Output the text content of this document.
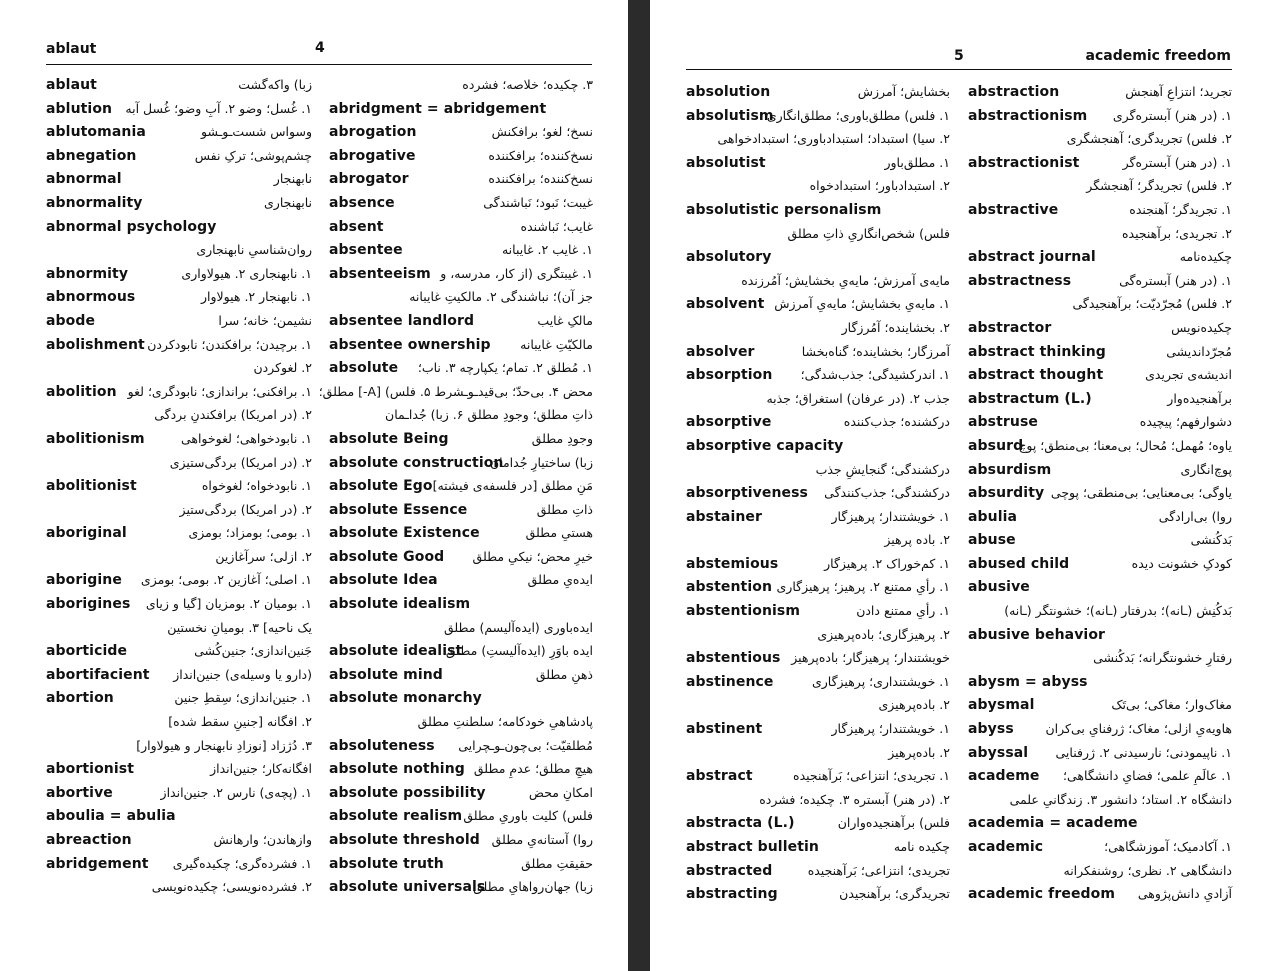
ablaut	4
ablaut	زبا) واکه‌گشت
ablution ۱. غُسل؛ وضو ۲. آبِ وضو؛ غُسل آبه
ablutomania	وسواس شست‌ـو‌ـشو
abnegation	چشم‌پوشی؛ ترکِ نفس
abnormal	نابهنجار
abnormality	نابهنجاری
abnormal psychology
روان‌شناسیِ نابهنجاری
abnormity	۱. نابهنجاری ۲. هیولاواری
abnormous	۱. نابهنجار ۲. هیولاوار
abode	نشیمن؛ خانه؛ سرا
abolishment ۱. برچیدن؛ برافکندن؛ نابودکردن
۲. لغوکردن
abolition ۱. برافکنی؛ براندازی؛ نابودگری؛ لغو
۲. (در امریکا) برافکندنِ بردگی
abolitionism	۱. نابودخواهی؛ لغوخواهی
۲. (در امریکا) بردگی‌ستیزی
abolitionist	۱. نابودخواه؛ لغوخواه
۲. (در امریکا) بردگی‌ستیز
aboriginal	۱. بومی؛ بومزاد؛ بومزی
۲. ازلی؛ سرآغازین
aborigine ۱. اصلی؛ آغازین ۲. بومی؛ بومزی
aborigines ۱. بومیان ۲. بومزیان [گیا و زیای
یک ناحیه] ۳. بومیانِ نخستین
aborticide	جَنین‌اندازی؛ جنین‌کُشی
abortifacient (دارو یا وسیله‌ی) جنین‌انداز
abortion	۱. جنین‌اندازی؛ سِقطِ جنین
۲. افگانه [جنینِ سقط شده]
۳. دُژزاد [نوزادِ نابهنجار و هیولاوار]
abortionist	افگانه‌کار؛ جنین‌انداز
abortive	۱. (پچه‌ی) نارس ۲. جنین‌انداز
aboulia = abulia
abreaction	وازهاندن؛ وارهانش
abridgement ۱. فشرده‌گری؛ چکیده‌گیری
۲. فشرده‌نویسی؛ چکیده‌نویسی
۳. چکیده؛ خلاصه؛ فشرده
abridgment = abridgement
abrogation	نسخ؛ لغو؛ برافکنش
abrogative	نسخ‌کننده؛ برافکننده
abrogator	نسخ‌کننده؛ برافکننده
absence	غیبت؛ نَبود؛ نَباشندگی
absent	غایب؛ نَباشنده
absentee	۱. غایب ۲. غایبانه
absenteeism ۱. غیبتگری (از کار، مدرسه، و
جز آن)؛ نباشندگی ۲. مالکیتِ غایبانه
absentee landlord	مالکِ غایب
absentee ownership مالکیّتِ غایبانه
absolute ۱. مُطلق ۲. تمام؛ یکپارچه ۳. ناب؛
محض ۴. بی‌حدّ؛ بی‌قید‌ـو‌ـشرط ۵. فلس) [A-] مطلق؛
ذاتِ مطلق؛ وجودِ مطلق ۶. زبا) جُدا‌ـمان
absolute Being	وجودِ مطلق
absolute construction
زبا) ساختیارِ جُدامان
absolute Ego مَنِ مطلق [در فلسفه‌ی فیشته]
absolute Essence	ذاتِ مطلق
absolute Existence	هستیِ مطلق
absolute Good خیرِ محض؛ نیکیِ مطلق
absolute Idea	ایده‌یِ مطلق
absolute idealism
ایده‌باوری (ایده‌آلیسم) مطلق
absolute idealist
ایده باوَرِ (ایده‌آلیستِ) مطلق
absolute mind	ذهنِ مطلق
absolute monarchy
پادشاهیِ خودکامه؛ سلطنتِ مطلق
absoluteness مُطلقیّت؛ بی‌چون‌ـو‌ـچرایی
absolute nothing هیچِ مطلق؛ عدمِ مطلق
absolute possibility	امکانِ محض
absolute realism فلس) کلیت باوریِ مطلق
absolute threshold روا) آستانه‌یِ مطلق
absolute truth	حقیقتِ مطلق
absolute universals
زبا) جهان‌رواهایِ مطلق
5	academic freedom
absolution	بخشایش؛ آمرزش
absolutism
۱. فلس) مطلق‌باوری؛ مطلق‌انگاری
۲. سیا) استبداد؛ استبدادباوری؛ استبدادخواهی
absolutist	۱. مطلق‌باور
۲. استبدادباور؛ استبدادخواه
absolutistic personalism
فلس) شخص‌انگاریِ ذاتِ مطلق
absolutory
مایه‌ی آمرزش؛ مایه‌یِ بخشایش؛ آمُرزنده
absolvent ۱. مایه‌یِ بخشایش؛ مایه‌یِ آمرزش
۲. بخشاینده؛ آمُرزگار
absolver	آمرزگار؛ بخشاینده؛ گناه‌بخشا
absorption ۱. اندرکشیدگی؛ جذب‌شدگی؛
جذب ۲. (در عرفان) استغراق؛ جذبه
absorptive	درکشنده؛ جذب‌کننده
absorptive capacity
درکشندگی؛ گنجایشِ جذب
absorptiveness درکشندگی؛ جذب‌کنندگی
abstainer	۱. خویشتندار؛ پرهیزگار
۲. باده پرهیز
abstemious	۱. کم‌خوراک ۲. پرهیزگار
abstention ۱. رأیِ ممتنع ۲. پرهیز؛ پرهیزگاری
abstentionism	۱. رأیِ ممتنع دادن
۲. پرهیزگاری؛ باده‌پرهیزی
abstentious خویشتندار؛ پرهیزگار؛ باده‌پرهیز
abstinence	۱. خویشتنداری؛ پرهیزگاری
۲. باده‌پرهیزی
abstinent	۱. خویشتندار؛ پرهیزگار
۲. باده‌پرهیز
abstract	۱. تجریدی؛ انتزاعی؛ بَرآهنجیده
۲. (در هنر) آبستره ۳. چکیده؛ فشرده
abstracta (L.)	فلس) برآهنجیده‌واران
abstract bulletin	چکیده نامه
abstracted	تجریدی؛ انتزاعی؛ بَرآهنجیده
abstracting	تجریدگری؛ برآهنجیدن
abstraction	تجرید؛ انتزاعِ آهنجش
abstractionism ۱. (در هنر) آبستره‌گری
۲. فلس) تجریدگری؛ آهنجشگری
abstractionist	۱. (در هنر) آبستره‌گر
۲. فلس) تجریدگر؛ آهنجشگر
abstractive	۱. تجریدگر؛ آهنجنده
۲. تجریدی؛ برآهنجیده
abstract journal	چکیده‌نامه
abstractness	۱. (در هنر) آبستره‌گی
۲. فلس) مُجرّدیّت؛ برآهنجیدگی
abstractor	چکیده‌نویس
abstract thinking	مُجرّداندیشی
abstract thought	اندیشه‌ی تجریدی
abstractum (L.)	برآهنجیده‌وار
abstruse	دشوارفهم؛ پیچیده
absurd
یاوه؛ مُهمل؛ مُحال؛ بی‌معنا؛ بی‌منطق؛ پوچ
absurdism	پوچ‌انگاری
absurdity یاوگی؛ بی‌معنایی؛ بی‌منطقی؛ پوچی
abulia	روا) بی‌ارادگی
abuse	بَدکُنشی
abused child	کودکِ خشونت دیده
abusive
بَدکُنِش (ـانه)؛ بدرفتار (ـانه)؛ خشونتگر (ـانه)
abusive behavior
رفتارِ خشونتگرانه؛ بَدکُنشی
abysm = abyss
abysmal	مغاک‌وار؛ مغاکی؛ بی‌تَک
abyss	هاویه‌یِ ازلی؛ مغاک؛ ژرفنایِ بی‌کران
abyssal ۱. ناپیمودنی؛ نارسیدنی ۲. ژرفنایی
academe ۱. عالَمِ علمی؛ فضایِ دانشگاهی؛
دانشگاه ۲. استاد؛ دانشور ۳. زندگانیِ علمی
academia = academe
academic	۱. آکادمیک؛ آموزشگاهی؛
دانشگاهی ۲. نظری؛ روشنفکرانه
academic freedom آزادیِ دانش‌پژوهی
